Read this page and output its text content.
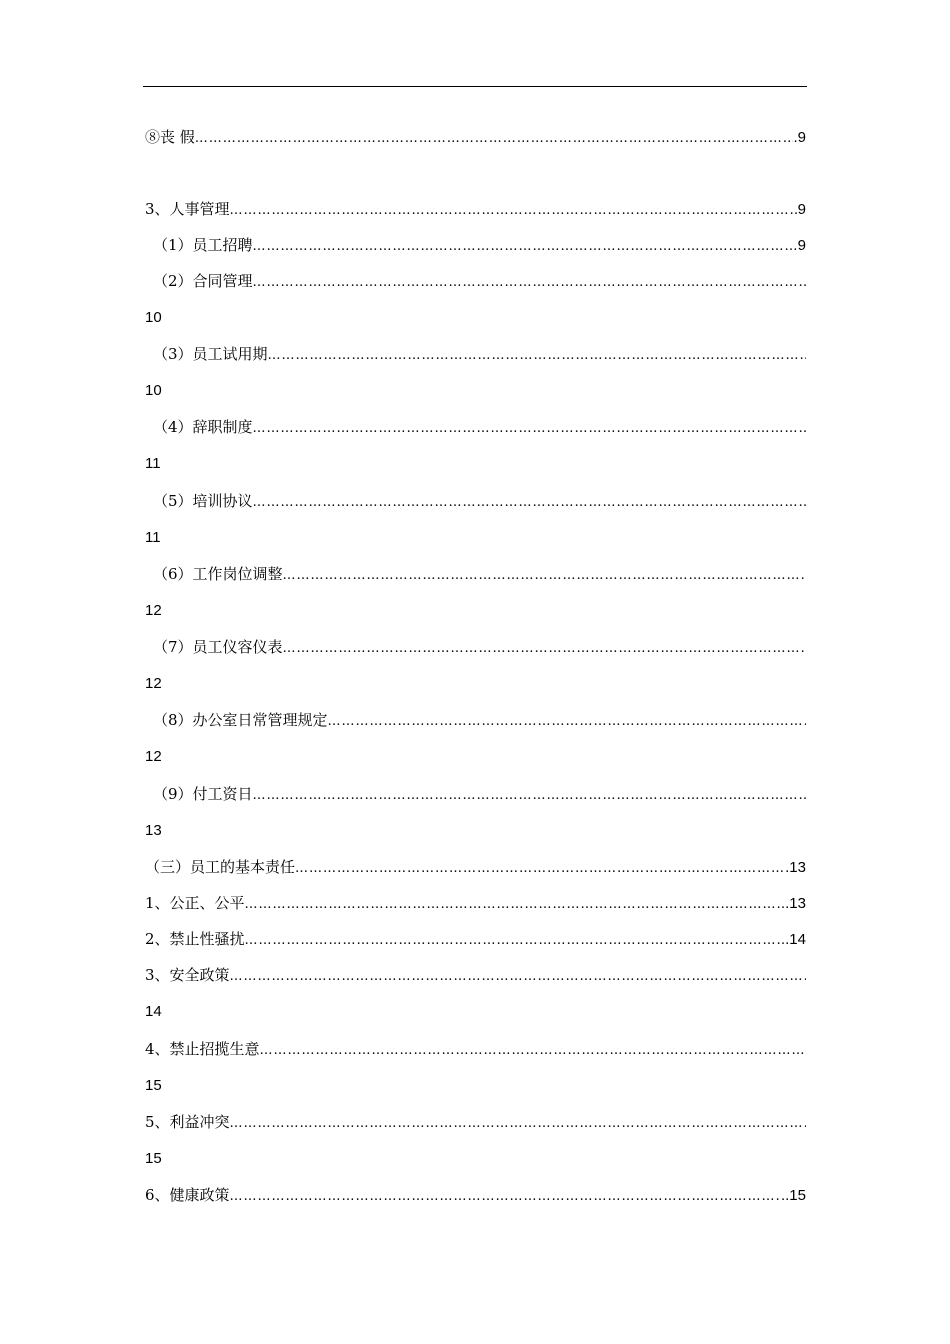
⑧丧 假 ……………………………………………………………………………………………………………………………………………………………………………………………………	.9
3、人事管理 ……………………………………………………………………………………………………………………………………………………………………………………………………	9
（1）员工招聘 ……………………………………………………………………………………………………………………………………………………………………………………………………	9
（2）合同管理
……………………………………………………………………………………………………………………………………………………………………………………………………
10
（3）员工试用期
……………………………………………………………………………………………………………………………………………………………………………………………………
10
（4）辞职制度
……………………………………………………………………………………………………………………………………………………………………………………………………
11
（5）培训协议
……………………………………………………………………………………………………………………………………………………………………………………………………
11
（6）工作岗位调整
……………………………………………………………………………………………………………………………………………………………………………………………………
12
（7）员工仪容仪表
……………………………………………………………………………………………………………………………………………………………………………………………………
12
（8）办公室日常管理规定
……………………………………………………………………………………………………………………………………………………………………………………………………
12
（9）付工资日
……………………………………………………………………………………………………………………………………………………………………………………………………
13
（三）员工的基本责任 ……………………………………………………………………………………………………………………………………………………………………………………………………	.13
1、公正、公平 ……………………………………………………………………………………………………………………………………………………………………………………………………	.13
2、禁止性骚扰 ……………………………………………………………………………………………………………………………………………………………………………………………………	.14
3、安全政策
……………………………………………………………………………………………………………………………………………………………………………………………………
14
4、禁止招揽生意
……………………………………………………………………………………………………………………………………………………………………………………………………
15
5、利益冲突
……………………………………………………………………………………………………………………………………………………………………………………………………
15
6、健康政策 ……………………………………………………………………………………………………………………………………………………………………………………………………	..15
